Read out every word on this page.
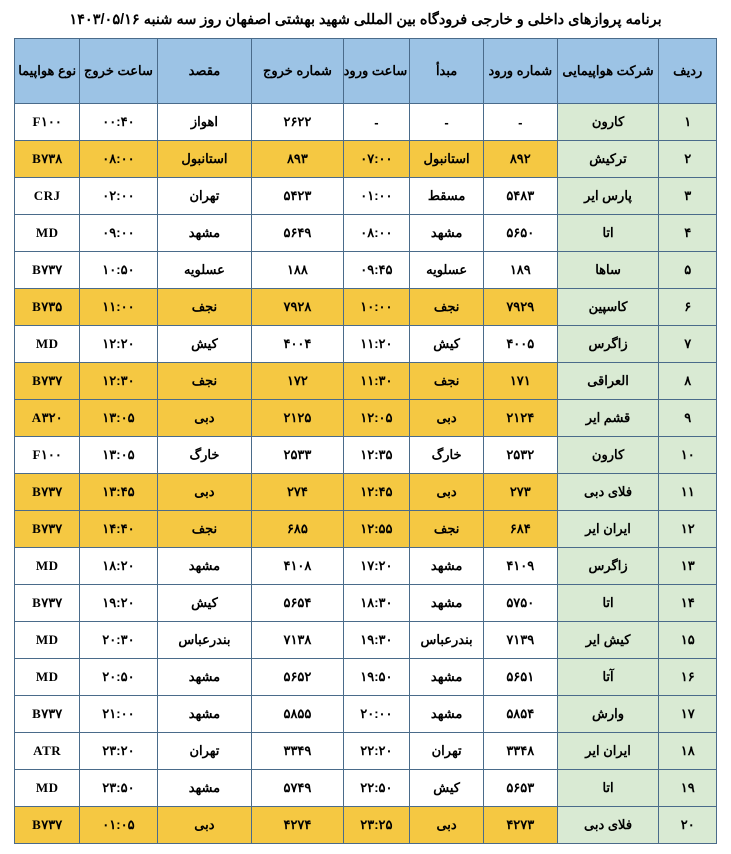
برنامه پروازهای داخلی و خارجی فرودگاه بین المللی شهید بهشتی اصفهان روز سه شنبه ۱۴۰۳/۰۵/۱۶
ردیف	شرکت هواپیمایی	شماره ورود	مبدأ	ساعت ورود	شماره خروج	مقصد	ساعت خروج	نوع هواپیما
۱	کارون	-	-	-	۲۶۲۲	اهواز	۰۰:۴۰	F۱۰۰
۲	ترکیش	۸۹۲	استانبول	۰۷:۰۰	۸۹۳	استانبول	۰۸:۰۰	B۷۳۸
۳	پارس ایر	۵۴۸۳	مسقط	۰۱:۰۰	۵۴۲۳	تهران	۰۲:۰۰	CRJ
۴	اتا	۵۶۵۰	مشهد	۰۸:۰۰	۵۶۴۹	مشهد	۰۹:۰۰	MD
۵	ساها	۱۸۹	عسلویه	۰۹:۴۵	۱۸۸	عسلویه	۱۰:۵۰	B۷۳۷
۶	کاسپین	۷۹۲۹	نجف	۱۰:۰۰	۷۹۲۸	نجف	۱۱:۰۰	B۷۳۵
۷	زاگرس	۴۰۰۵	کیش	۱۱:۲۰	۴۰۰۴	کیش	۱۲:۲۰	MD
۸	العراقی	۱۷۱	نجف	۱۱:۳۰	۱۷۲	نجف	۱۲:۳۰	B۷۳۷
۹	قشم ایر	۲۱۲۴	دبی	۱۲:۰۵	۲۱۲۵	دبی	۱۳:۰۵	A۳۲۰
۱۰	کارون	۲۵۳۲	خارگ	۱۲:۳۵	۲۵۳۳	خارگ	۱۳:۰۵	F۱۰۰
۱۱	فلای دبی	۲۷۳	دبی	۱۲:۴۵	۲۷۴	دبی	۱۳:۴۵	B۷۳۷
۱۲	ایران ایر	۶۸۴	نجف	۱۲:۵۵	۶۸۵	نجف	۱۴:۴۰	B۷۳۷
۱۳	زاگرس	۴۱۰۹	مشهد	۱۷:۲۰	۴۱۰۸	مشهد	۱۸:۲۰	MD
۱۴	اتا	۵۷۵۰	مشهد	۱۸:۳۰	۵۶۵۴	کیش	۱۹:۲۰	B۷۳۷
۱۵	کیش ایر	۷۱۳۹	بندرعباس	۱۹:۳۰	۷۱۳۸	بندرعباس	۲۰:۳۰	MD
۱۶	آتا	۵۶۵۱	مشهد	۱۹:۵۰	۵۶۵۲	مشهد	۲۰:۵۰	MD
۱۷	وارش	۵۸۵۴	مشهد	۲۰:۰۰	۵۸۵۵	مشهد	۲۱:۰۰	B۷۳۷
۱۸	ایران ایر	۳۳۴۸	تهران	۲۲:۲۰	۳۳۴۹	تهران	۲۳:۲۰	ATR
۱۹	اتا	۵۶۵۳	کیش	۲۲:۵۰	۵۷۴۹	مشهد	۲۳:۵۰	MD
۲۰	فلای دبی	۴۲۷۳	دبی	۲۳:۲۵	۴۲۷۴	دبی	۰۱:۰۵	B۷۳۷
